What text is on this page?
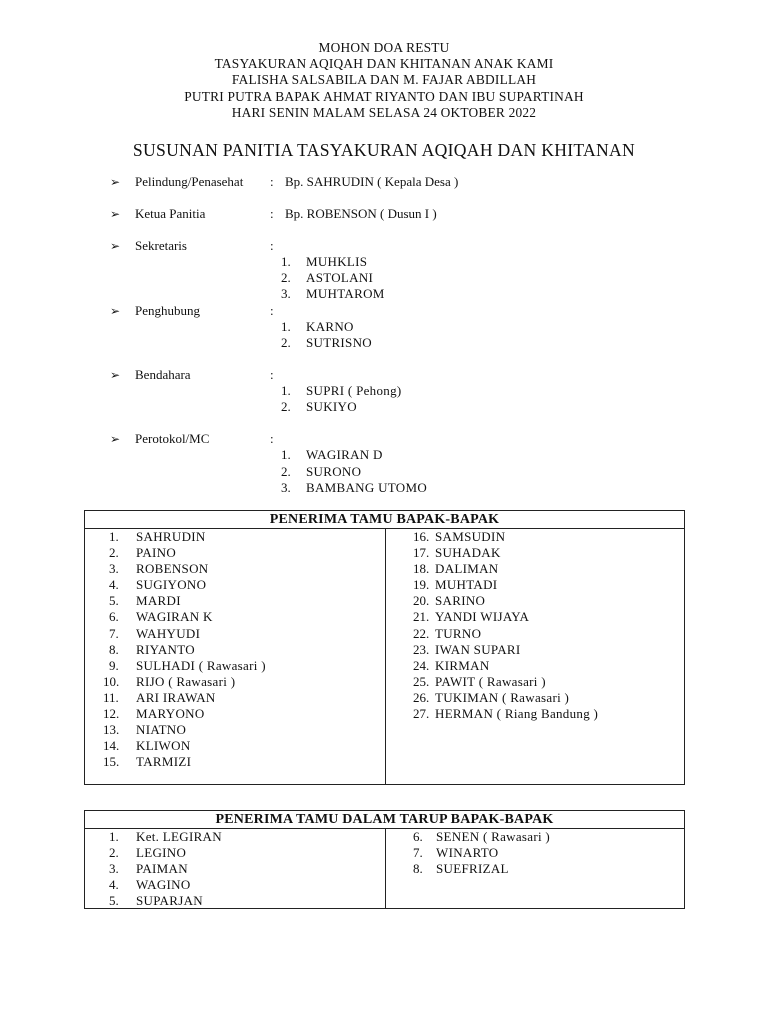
MOHON DOA RESTU
TASYAKURAN AQIQAH DAN KHITANAN ANAK KAMI
FALISHA SALSABILA DAN M. FAJAR ABDILLAH
PUTRI PUTRA BAPAK AHMAT RIYANTO DAN IBU SUPARTINAH
HARI SENIN MALAM SELASA 24 OKTOBER 2022
SUSUNAN PANITIA TASYAKURAN AQIQAH DAN KHITANAN
➢ Pelindung/Penasehat : Bp. SAHRUDIN ( Kepala Desa )
➢ Ketua Panitia	: Bp. ROBENSON ( Dusun I )
➢ Sekretaris	:
1. MUHKLIS
2. ASTOLANI
3. MUHTAROM
➢ Penghubung	:
1. KARNO
2. SUTRISNO
➢ Bendahara	:
1. SUPRI ( Pehong)
2. SUKIYO
➢ Perotokol/MC	:
1. WAGIRAN D
2. SURONO
3. BAMBANG UTOMO
PENERIMA TAMU BAPAK-BAPAK
1. SAHRUDIN
2. PAINO
3. ROBENSON
4. SUGIYONO
5. MARDI
6. WAGIRAN K
7. WAHYUDI
8. RIYANTO
9. SULHADI ( Rawasari )
10. RIJO ( Rawasari )
11. ARI IRAWAN
12. MARYONO
13. NIATNO
14. KLIWON
15. TARMIZI
16. SAMSUDIN
17. SUHADAK
18. DALIMAN
19. MUHTADI
20. SARINO
21. YANDI WIJAYA
22. TURNO
23. IWAN SUPARI
24. KIRMAN
25. PAWIT ( Rawasari )
26. TUKIMAN ( Rawasari )
27. HERMAN ( Riang Bandung )
PENERIMA TAMU DALAM TARUP BAPAK-BAPAK
1. Ket. LEGIRAN
2. LEGINO
3. PAIMAN
4. WAGINO
5. SUPARJAN
6. SENEN ( Rawasari )
7. WINARTO
8. SUEFRIZAL
